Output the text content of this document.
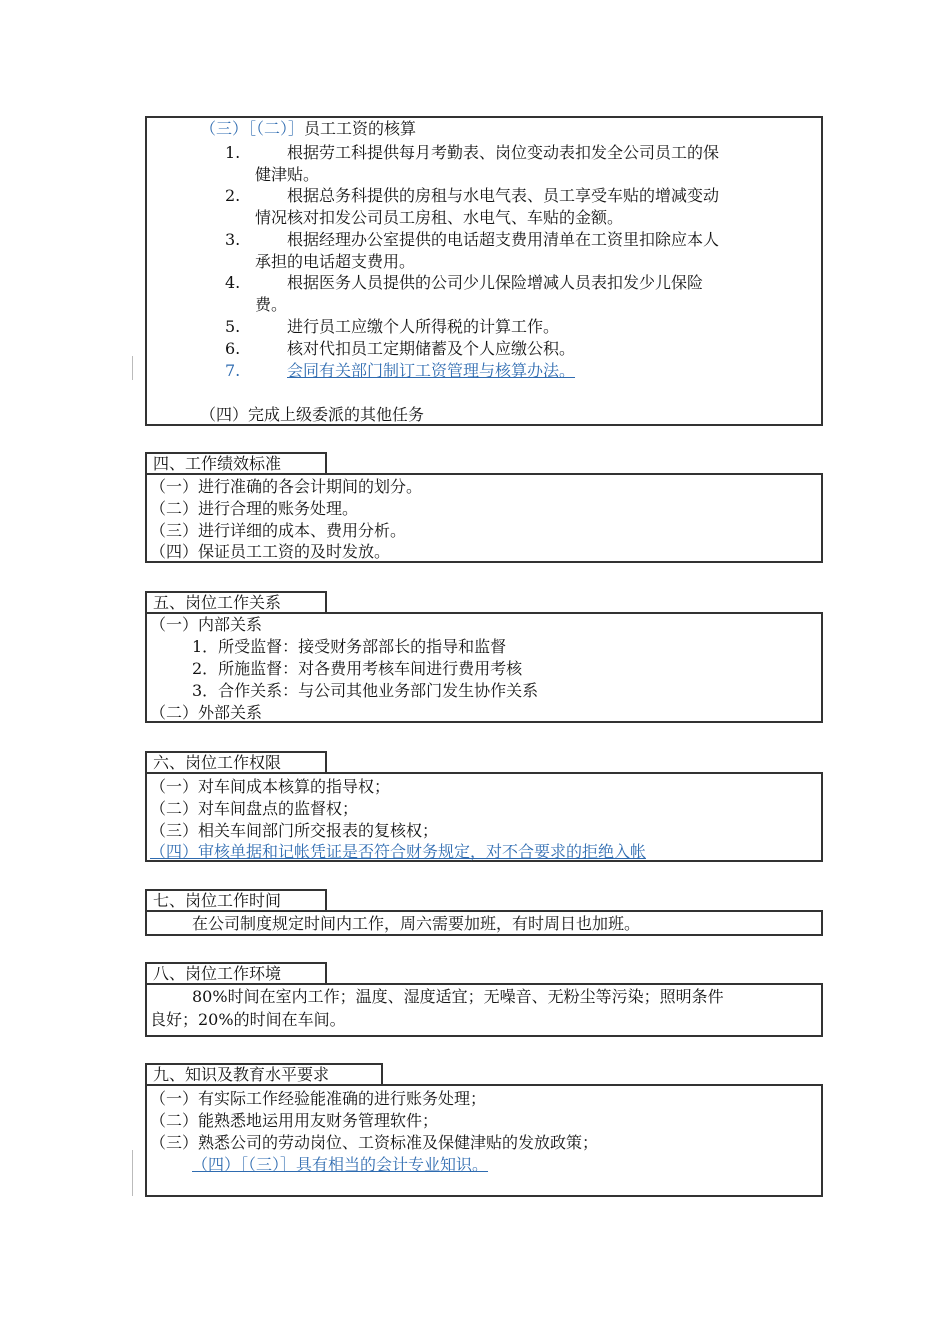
（三）［（二）］员工工资的核算
1.	根据劳工科提供每月考勤表、岗位变动表扣发全公司员工的保
健津贴。
2.	根据总务科提供的房租与水电气表、员工享受车贴的增减变动
情况核对扣发公司员工房租、水电气、车贴的金额。
3.	根据经理办公室提供的电话超支费用清单在工资里扣除应本人
承担的电话超支费用。
4.	根据医务人员提供的公司少儿保险增减人员表扣发少儿保险
费。
5.	进行员工应缴个人所得税的计算工作。
6.	核对代扣员工定期储蓄及个人应缴公积。
7.	会同有关部门制订工资管理与核算办法。
（四）完成上级委派的其他任务
四、工作绩效标准
（一）进行准确的各会计期间的划分。
（二）进行合理的账务处理。
（三）进行详细的成本、费用分析。
（四）保证员工工资的及时发放。
五、岗位工作关系
（一）内部关系
1．所受监督：接受财务部部长的指导和监督
2．所施监督：对各费用考核车间进行费用考核
3．合作关系：与公司其他业务部门发生协作关系
（二）外部关系
六、岗位工作权限
（一）对车间成本核算的指导权；
（二）对车间盘点的监督权；
（三）相关车间部门所交报表的复核权；
（四）审核单据和记帐凭证是否符合财务规定，对不合要求的拒绝入帐
七、岗位工作时间
在公司制度规定时间内工作，周六需要加班，有时周日也加班。
八、岗位工作环境
80%时间在室内工作；温度、湿度适宜；无噪音、无粉尘等污染；照明条件
良好；20%的时间在车间。
九、知识及教育水平要求
（一）有实际工作经验能准确的进行账务处理；
（二）能熟悉地运用用友财务管理软件；
（三）熟悉公司的劳动岗位、工资标准及保健津贴的发放政策；
（四）［（三）］具有相当的会计专业知识。
